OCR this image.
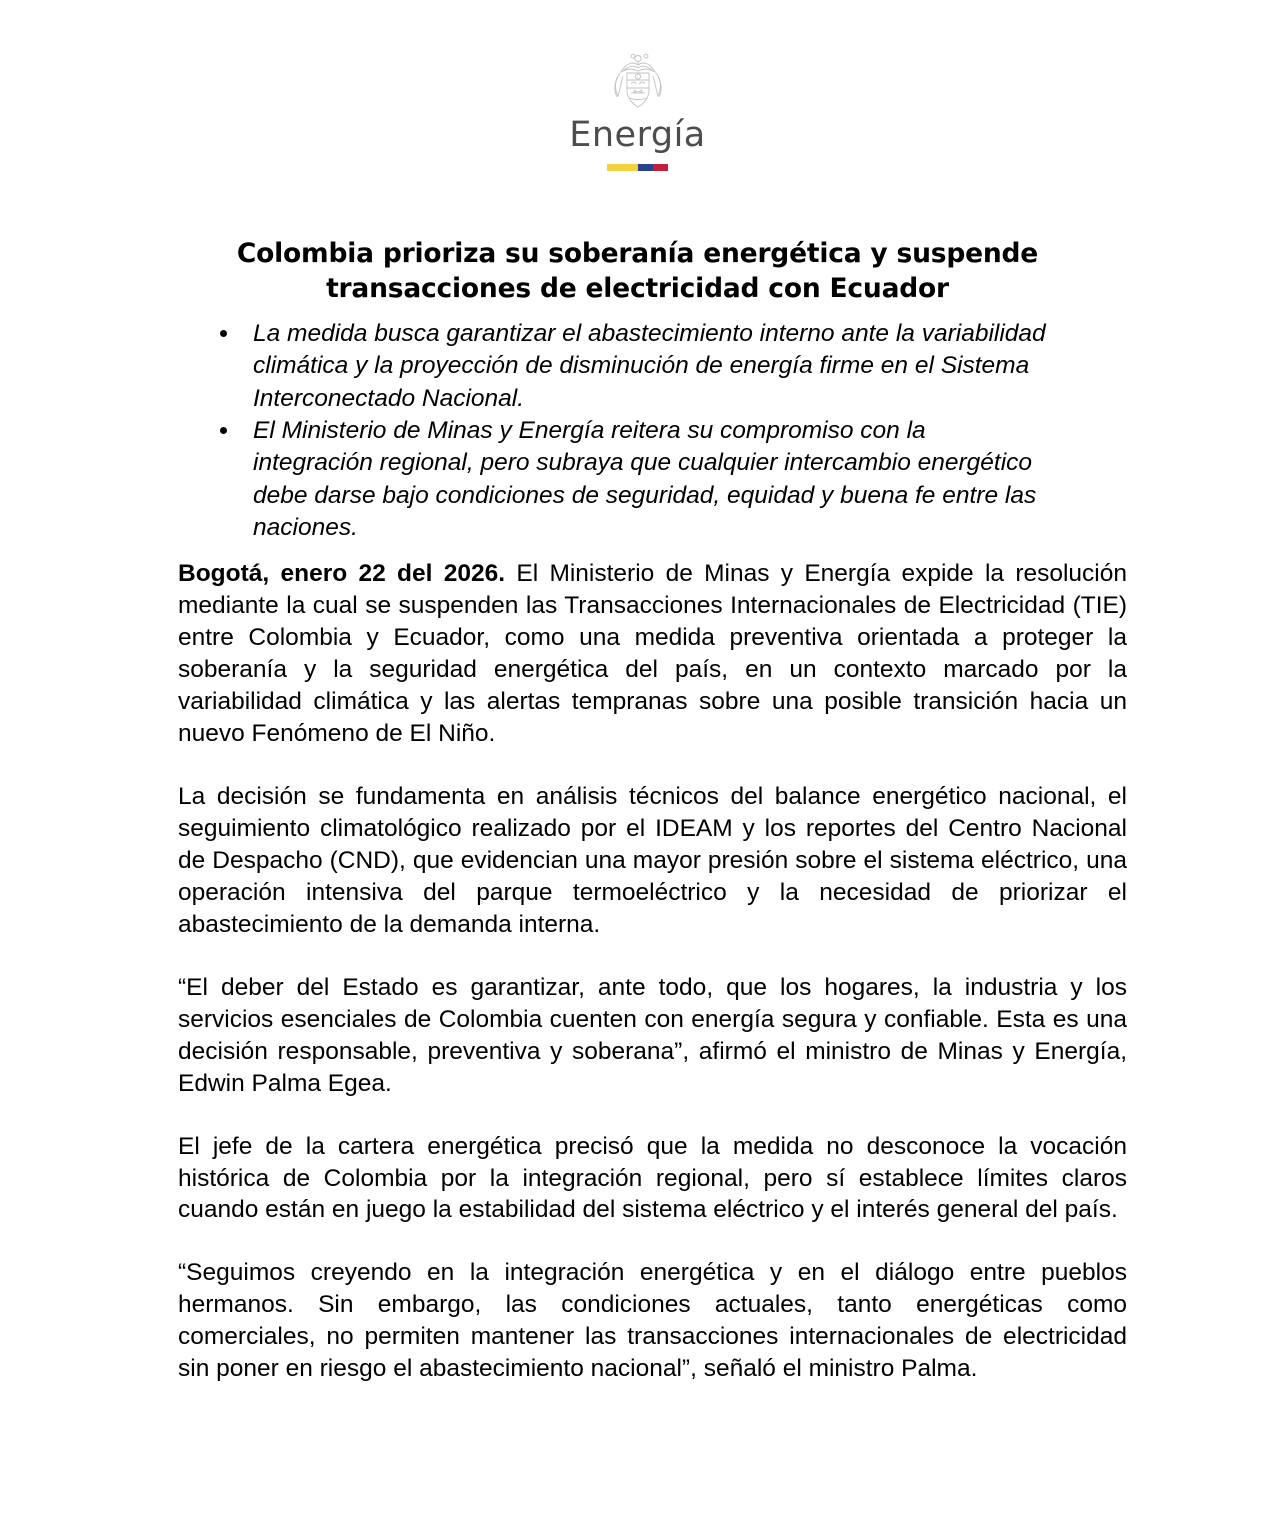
Energía
Colombia prioriza su soberanía energética y suspende transacciones de electricidad con Ecuador
La medida busca garantizar el abastecimiento interno ante la variabilidad climática y la proyección de disminución de energía firme en el Sistema Interconectado Nacional.
El Ministerio de Minas y Energía reitera su compromiso con la integración regional, pero subraya que cualquier intercambio energético debe darse bajo condiciones de seguridad, equidad y buena fe entre las naciones.

Bogotá, enero 22 del 2026. El Ministerio de Minas y Energía expide la resolución mediante la cual se suspenden las Transacciones Internacionales de Electricidad (TIE) entre Colombia y Ecuador, como una medida preventiva orientada a proteger la soberanía y la seguridad energética del país, en un contexto marcado por la variabilidad climática y las alertas tempranas sobre una posible transición hacia un nuevo Fenómeno de El Niño.

La decisión se fundamenta en análisis técnicos del balance energético nacional, el seguimiento climatológico realizado por el IDEAM y los reportes del Centro Nacional de Despacho (CND), que evidencian una mayor presión sobre el sistema eléctrico, una operación intensiva del parque termoeléctrico y la necesidad de priorizar el abastecimiento de la demanda interna.

“El deber del Estado es garantizar, ante todo, que los hogares, la industria y los servicios esenciales de Colombia cuenten con energía segura y confiable. Esta es una decisión responsable, preventiva y soberana”, afirmó el ministro de Minas y Energía, Edwin Palma Egea.

El jefe de la cartera energética precisó que la medida no desconoce la vocación histórica de Colombia por la integración regional, pero sí establece límites claros cuando están en juego la estabilidad del sistema eléctrico y el interés general del país.

“Seguimos creyendo en la integración energética y en el diálogo entre pueblos hermanos. Sin embargo, las condiciones actuales, tanto energéticas como comerciales, no permiten mantener las transacciones internacionales de electricidad sin poner en riesgo el abastecimiento nacional”, señaló el ministro Palma.
